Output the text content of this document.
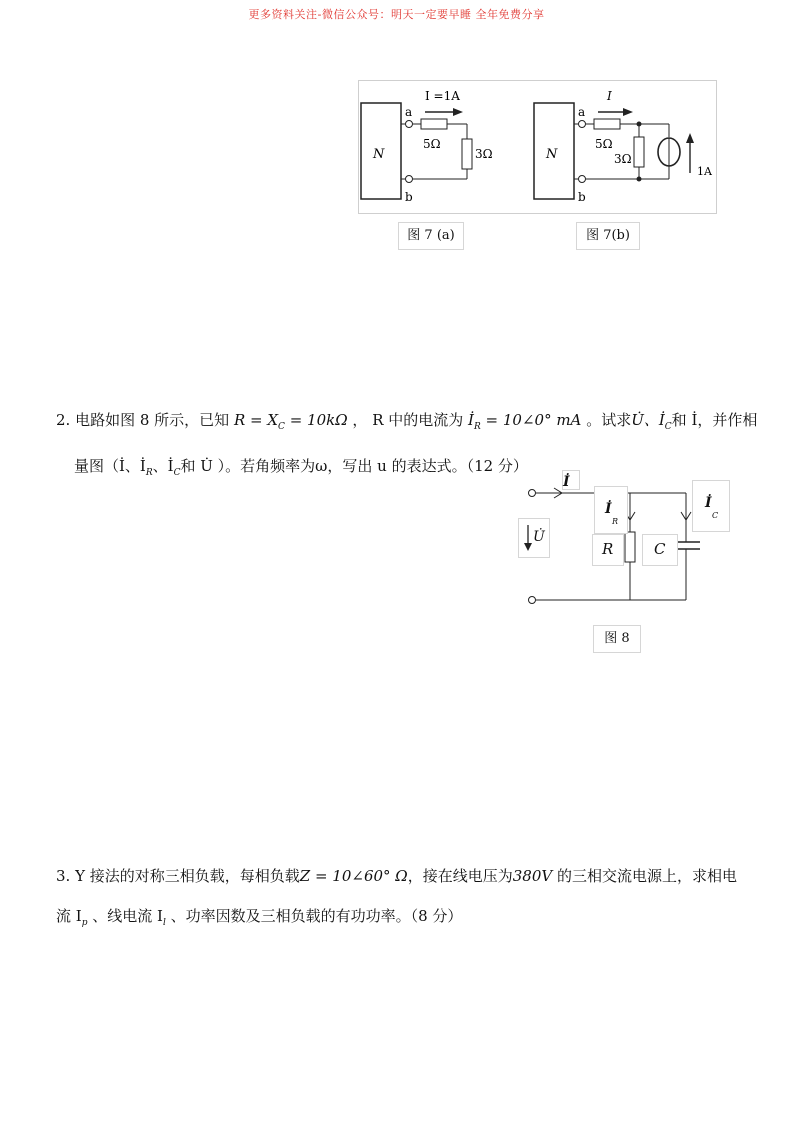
更多资料关注-微信公众号：明天一定要早睡 全年免费分享
N
a
b
I =1A
5Ω
3Ω	N
1A
a
b
I
5Ω
3Ω
图 7 (a)	图 7(b)
2. 电路如图 8 所示，已知 $R = X_C = 10k\Omega$ ， R 中的电流为 $İ_R$ = 10∠0° mA 。试求U̇、$İ_C$和 İ，并作相
量图（İ、$İ_R$、$İ_C$和 U̇ ）。若角频率为ω，写出 u 的表达式。（12 分）
İ
İ
R
İ
C
U̇
R	C
图 8
3. Y 接法的对称三相负载，每相负载Z = 10∠60° Ω，接在线电压为380V 的三相交流电源上，求相电
流 $I_p$ 、线电流 $I_l$ 、功率因数及三相负载的有功功率。（8 分）
